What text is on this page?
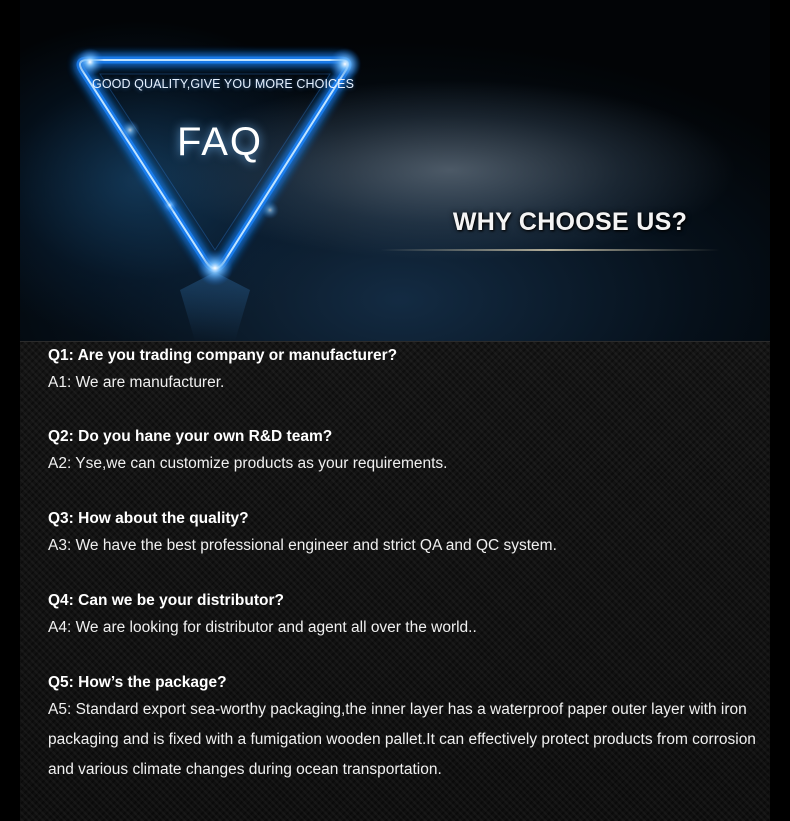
GOOD QUALITY,GIVE YOU MORE CHOICES
FAQ
WHY CHOOSE US?
Q1: Are you trading company or manufacturer?
A1: We are manufacturer.
Q2: Do you hane your own R&D team?
A2: Yse,we can customize products as your requirements.
Q3: How about the quality?
A3: We have the best professional engineer and strict QA and QC system.
Q4: Can we be your distributor?
A4: We are looking for distributor and agent all over the world..
Q5: How’s the package?
A5: Standard export sea-worthy packaging,the inner layer has a waterproof paper outer layer with iron packaging and is fixed with a fumigation wooden pallet.It can effectively protect products from corrosion and various climate changes during ocean transportation.
